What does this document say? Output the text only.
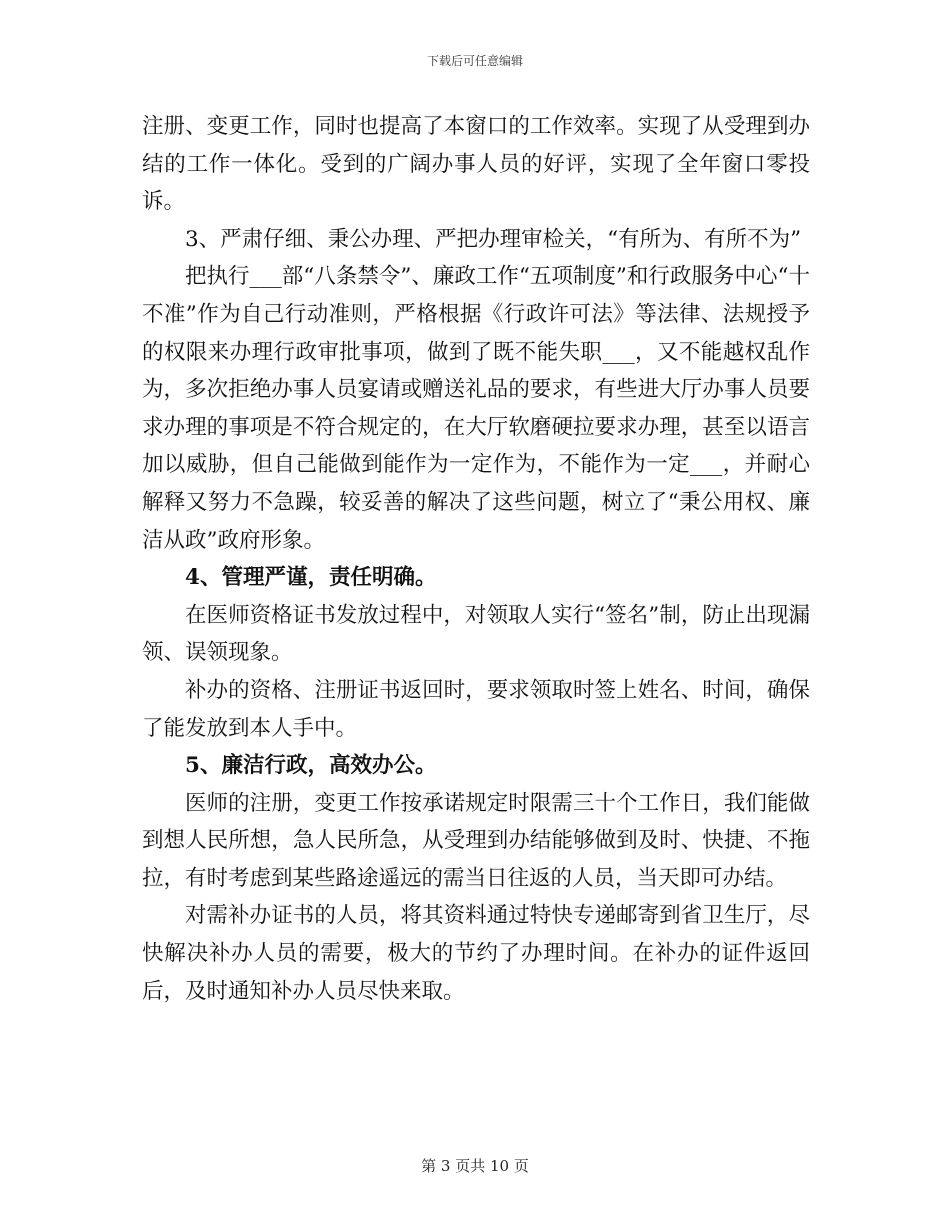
下载后可任意编辑

注册、变更工作，同时也提高了本窗口的工作效率。实现了从受理到办结的工作一体化。受到的广阔办事人员的好评，实现了全年窗口零投诉。

3、严肃仔细、秉公办理、严把办理审检关，“有所为、有所不为”

把执行___部“八条禁令”、廉政工作“五项制度”和行政服务中心“十不准”作为自己行动准则，严格根据《行政许可法》等法律、法规授予的权限来办理行政审批事项，做到了既不能失职___，又不能越权乱作为，多次拒绝办事人员宴请或赠送礼品的要求，有些进大厅办事人员要求办理的事项是不符合规定的，在大厅软磨硬拉要求办理，甚至以语言加以威胁，但自己能做到能作为一定作为，不能作为一定___，并耐心解释又努力不急躁，较妥善的解决了这些问题，树立了“秉公用权、廉洁从政”政府形象。

4、管理严谨，责任明确。

在医师资格证书发放过程中，对领取人实行“签名”制，防止出现漏领、误领现象。

补办的资格、注册证书返回时，要求领取时签上姓名、时间，确保了能发放到本人手中。

5、廉洁行政，高效办公。

医师的注册，变更工作按承诺规定时限需三十个工作日，我们能做到想人民所想，急人民所急，从受理到办结能够做到及时、快捷、不拖拉，有时考虑到某些路途遥远的需当日往返的人员，当天即可办结。

对需补办证书的人员，将其资料通过特快专递邮寄到省卫生厅，尽快解决补办人员的需要，极大的节约了办理时间。在补办的证件返回后，及时通知补办人员尽快来取。

第 3 页共 10 页
